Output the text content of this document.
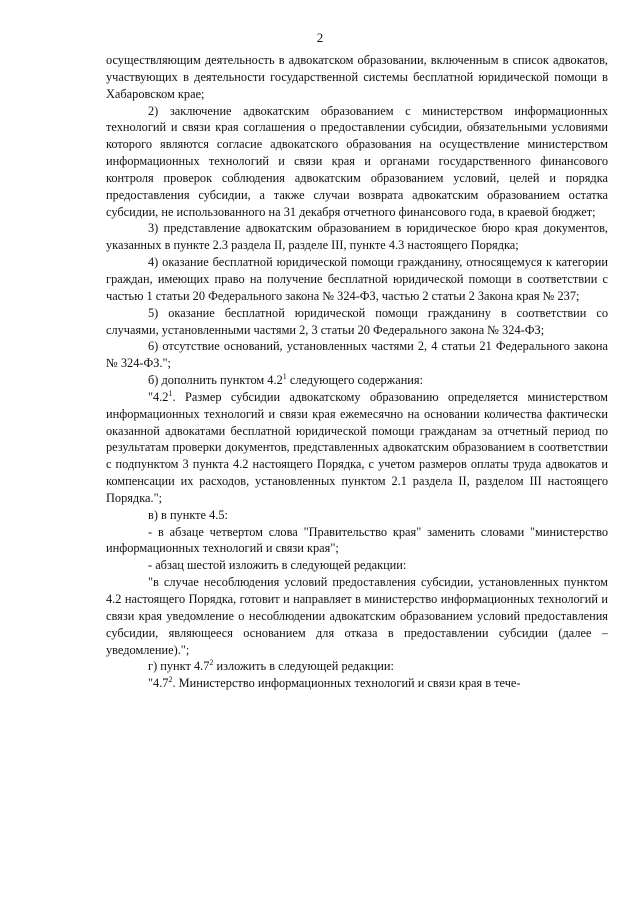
2

осуществляющим деятельность в адвокатском образовании, включенным в список адвокатов, участвующих в деятельности государственной системы бесплатной юридической помощи в Хабаровском крае;

2) заключение адвокатским образованием с министерством информационных технологий и связи края соглашения о предоставлении субсидии, обязательными условиями которого являются согласие адвокатского образования на осуществление министерством информационных технологий и связи края и органами государственного финансового контроля проверок соблюдения адвокатским образованием условий, целей и порядка предоставления субсидии, а также случаи возврата адвокатским образованием остатка субсидии, не использованного на 31 декабря отчетного финансового года, в краевой бюджет;

3) представление адвокатским образованием в юридическое бюро края документов, указанных в пункте 2.3 раздела II, разделе III, пункте 4.3 настоящего Порядка;

4) оказание бесплатной юридической помощи гражданину, относящемуся к категории граждан, имеющих право на получение бесплатной юридической помощи в соответствии с частью 1 статьи 20 Федерального закона № 324-ФЗ, частью 2 статьи 2 Закона края № 237;

5) оказание бесплатной юридической помощи гражданину в соответствии со случаями, установленными частями 2, 3 статьи 20 Федерального закона № 324-ФЗ;

6) отсутствие оснований, установленных частями 2, 4 статьи 21 Федерального закона № 324-ФЗ.";

б) дополнить пунктом $4.2^1$ следующего содержания:

"$4.2^1$. Размер субсидии адвокатскому образованию определяется министерством информационных технологий и связи края ежемесячно на основании количества фактически оказанной адвокатами бесплатной юридической помощи гражданам за отчетный период по результатам проверки документов, представленных адвокатским образованием в соответствии с подпунктом 3 пункта 4.2 настоящего Порядка, с учетом размеров оплаты труда адвокатов и компенсации их расходов, установленных пунктом 2.1 раздела II, разделом III настоящего Порядка.";

в) в пункте 4.5:

- в абзаце четвертом слова "Правительство края" заменить словами "министерство информационных технологий и связи края";

- абзац шестой изложить в следующей редакции:

"в случае несоблюдения условий предоставления субсидии, установленных пунктом 4.2 настоящего Порядка, готовит и направляет в министерство информационных технологий и связи края уведомление о несоблюдении адвокатским образованием условий предоставления субсидии, являющееся основанием для отказа в предоставлении субсидии (далее – уведомление).";

г) пункт $4.7^2$ изложить в следующей редакции:

"$4.7^2$. Министерство информационных технологий и связи края в тече-
